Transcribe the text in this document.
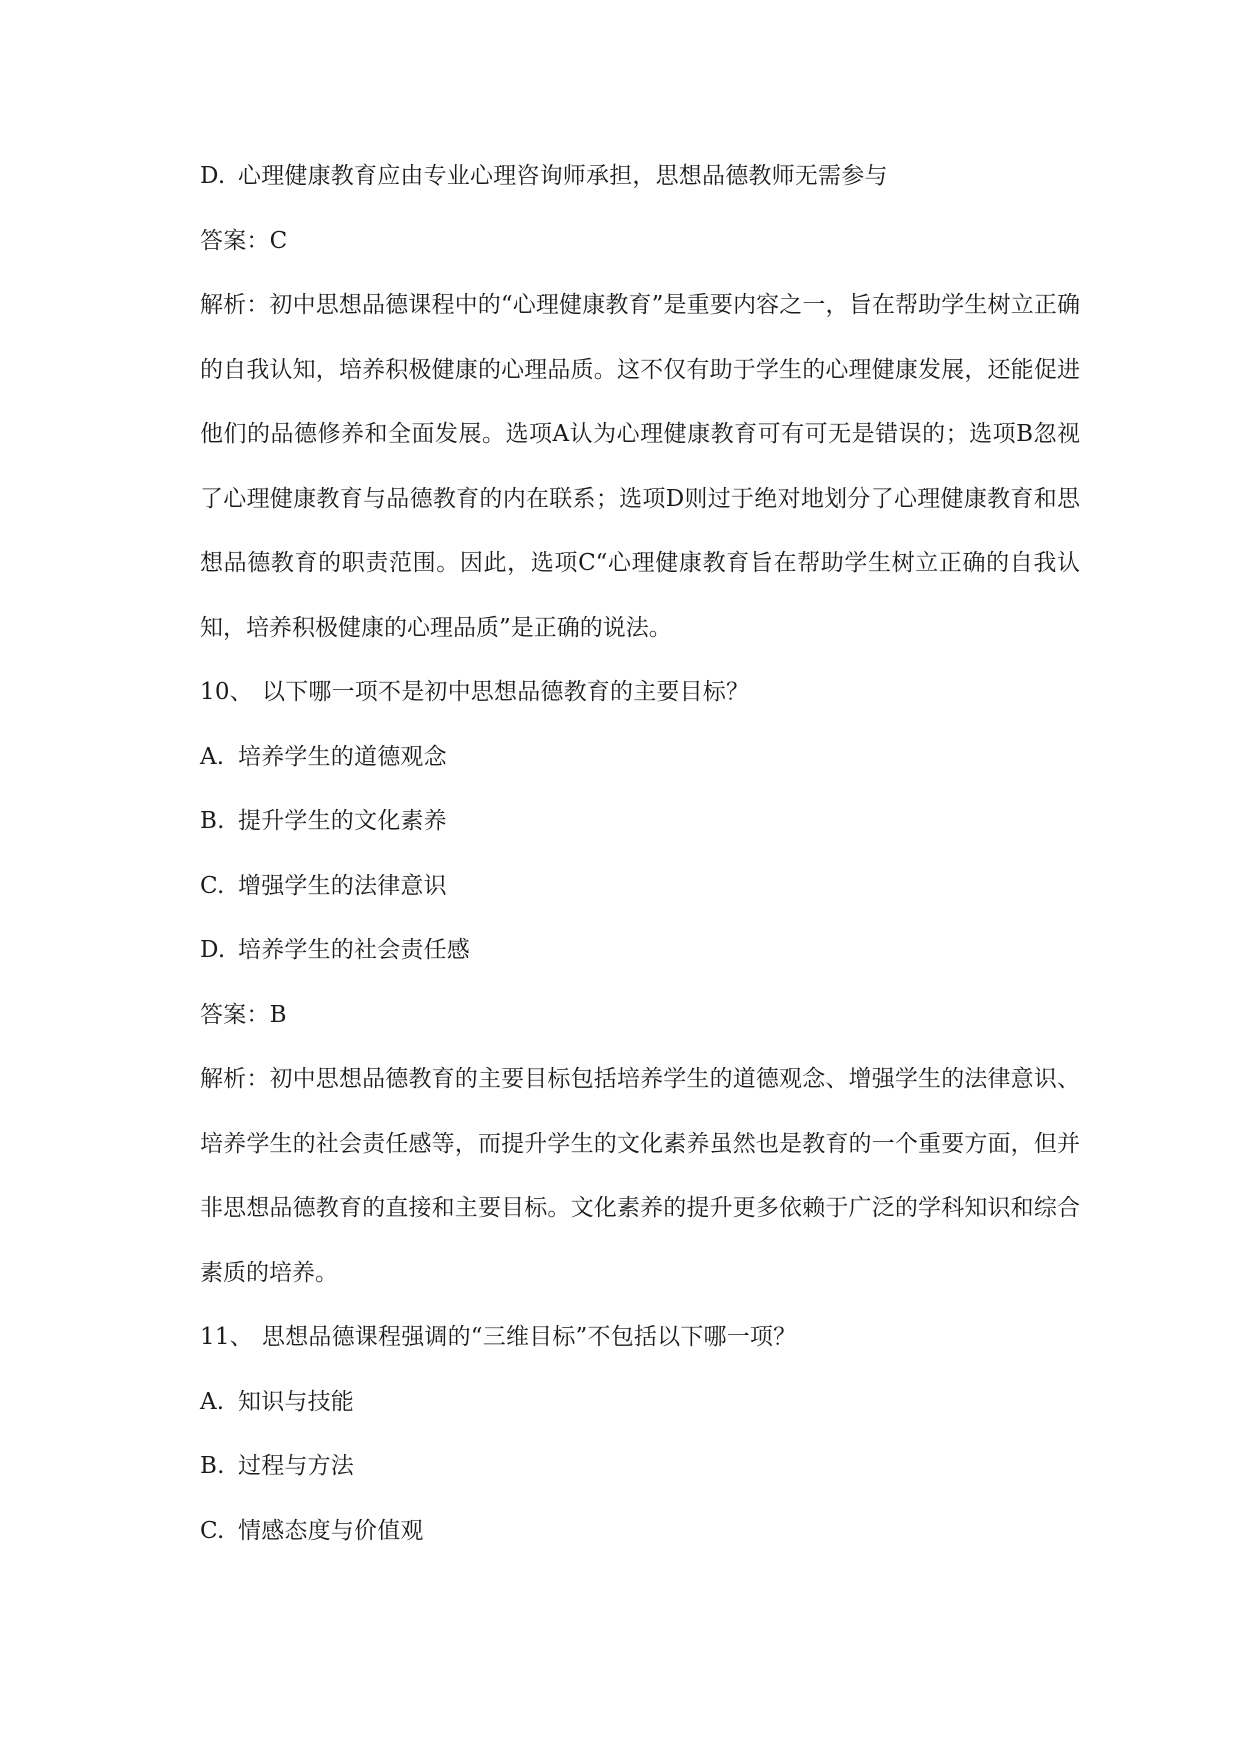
D. 心理健康教育应由专业心理咨询师承担，思想品德教师无需参与
答案：C
解析：初中思想品德课程中的“心理健康教育”是重要内容之一，旨在帮助学生树立正确的自我认知，培养积极健康的心理品质。这不仅有助于学生的心理健康发展，还能促进他们的品德修养和全面发展。选项A认为心理健康教育可有可无是错误的；选项B忽视了心理健康教育与品德教育的内在联系；选项D则过于绝对地划分了心理健康教育和思想品德教育的职责范围。因此，选项C“心理健康教育旨在帮助学生树立正确的自我认知，培养积极健康的心理品质”是正确的说法。
10、 以下哪一项不是初中思想品德教育的主要目标？
A. 培养学生的道德观念
B. 提升学生的文化素养
C. 增强学生的法律意识
D. 培养学生的社会责任感
答案：B
解析：初中思想品德教育的主要目标包括培养学生的道德观念、增强学生的法律意识、培养学生的社会责任感等，而提升学生的文化素养虽然也是教育的一个重要方面，但并非思想品德教育的直接和主要目标。文化素养的提升更多依赖于广泛的学科知识和综合素质的培养。
11、 思想品德课程强调的“三维目标”不包括以下哪一项？
A. 知识与技能
B. 过程与方法
C. 情感态度与价值观
